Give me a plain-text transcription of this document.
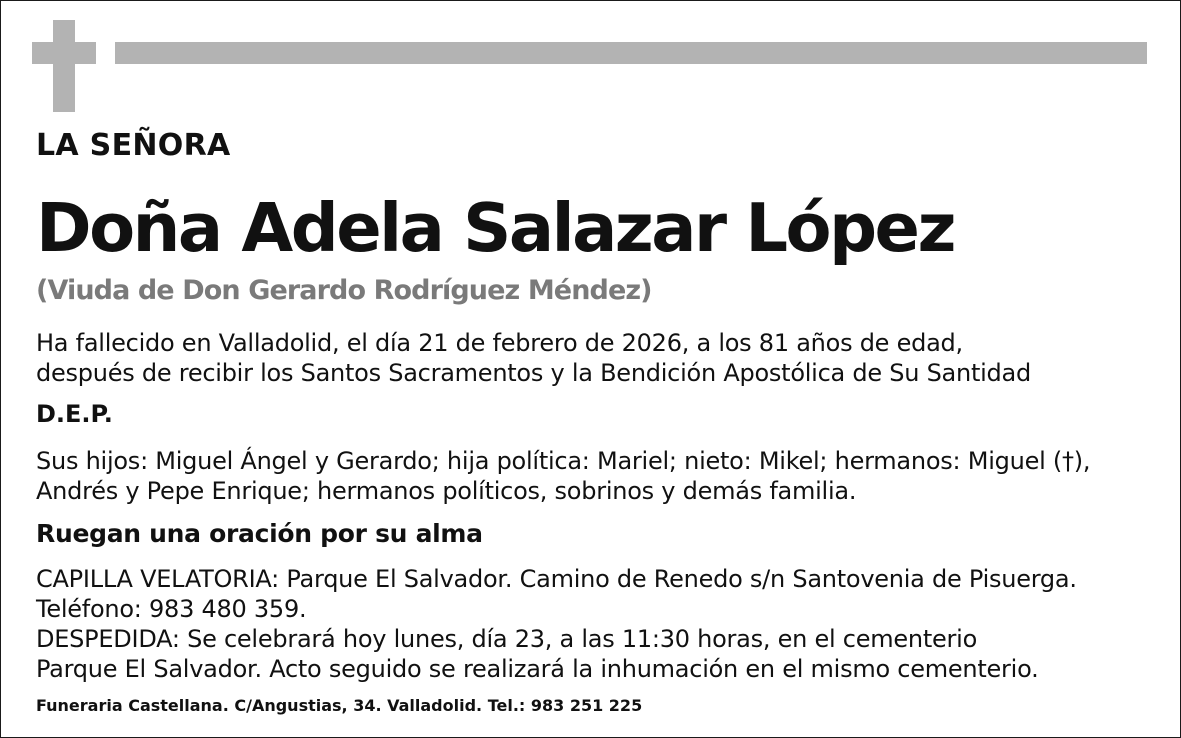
LA SEÑORA
Doña Adela Salazar López
(Viuda de Don Gerardo Rodríguez Méndez)
Ha fallecido en Valladolid, el día 21 de febrero de 2026, a los 81 años de edad,
después de recibir los Santos Sacramentos y la Bendición Apostólica de Su Santidad
D.E.P.
Sus hijos: Miguel Ángel y Gerardo; hija política: Mariel; nieto: Mikel; hermanos: Miguel (†),
Andrés y Pepe Enrique; hermanos políticos, sobrinos y demás familia.
Ruegan una oración por su alma
CAPILLA VELATORIA: Parque El Salvador. Camino de Renedo s/n Santovenia de Pisuerga.
Teléfono: 983 480 359.
DESPEDIDA: Se celebrará hoy lunes, día 23, a las 11:30 horas, en el cementerio
Parque El Salvador. Acto seguido se realizará la inhumación en el mismo cementerio.
Funeraria Castellana. C/Angustias, 34. Valladolid. Tel.: 983 251 225
